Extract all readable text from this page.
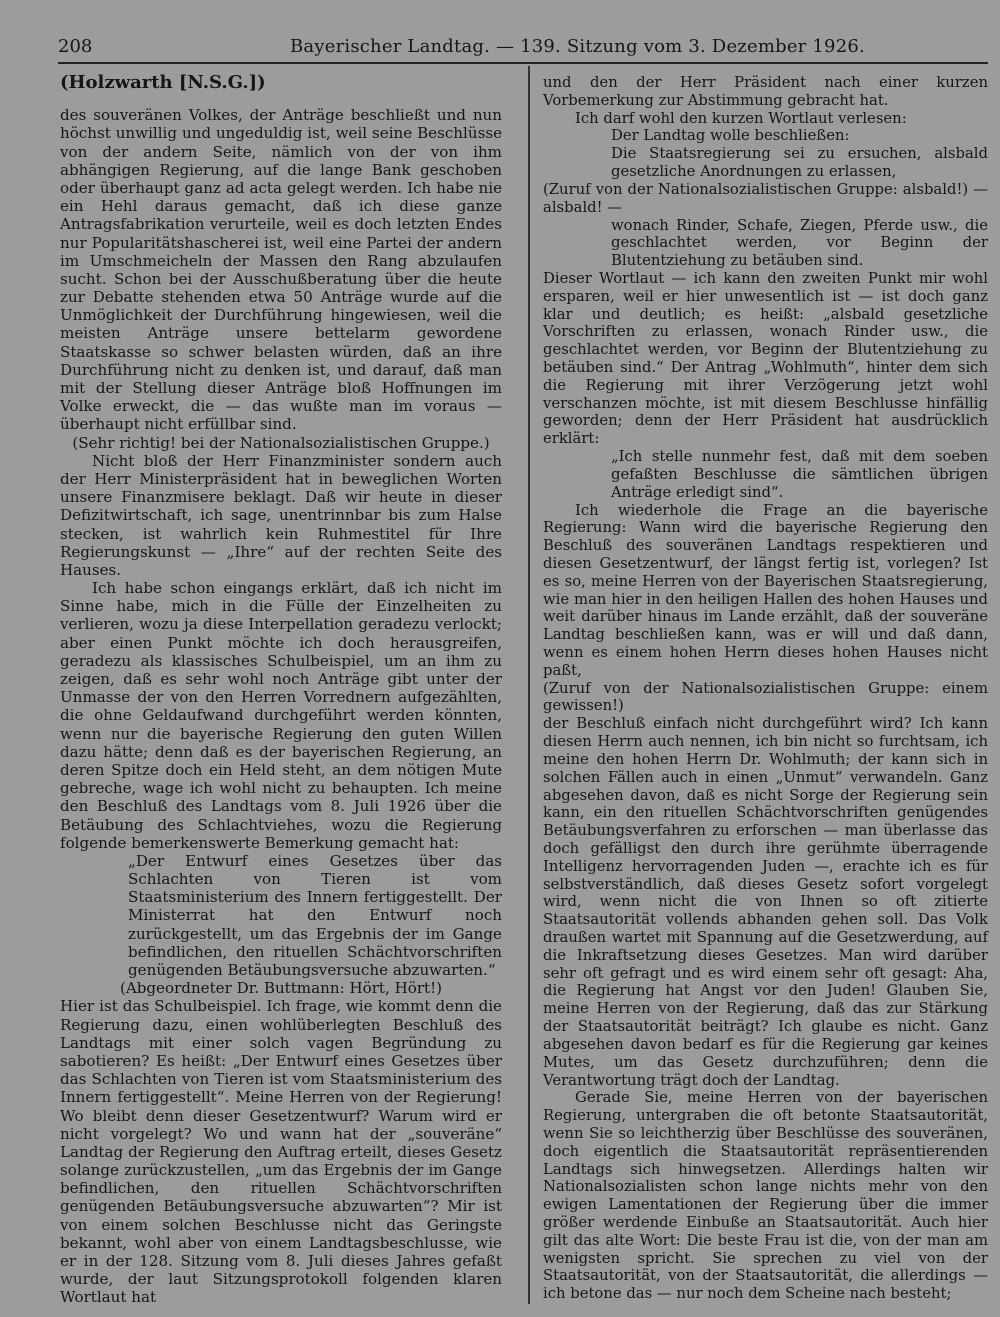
208	Bayerischer Landtag. — 139. Sitzung vom 3. Dezember 1926.

(Holzwarth [N.S.G.])

des souveränen Volkes, der Anträge beschließt und nun höchst unwillig und ungeduldig ist, weil seine Beschlüsse von der andern Seite, nämlich von der von ihm abhängigen Regierung, auf die lange Bank geschoben oder überhaupt ganz ad acta gelegt werden. Ich habe nie ein Hehl daraus gemacht, daß ich diese ganze Antragsfabrikation verurteile, weil es doch letzten Endes nur Popularitätshascherei ist, weil eine Partei der andern im Umschmeicheln der Massen den Rang abzulaufen sucht. Schon bei der Ausschußberatung über die heute zur Debatte stehenden etwa 50 Anträge wurde auf die Unmöglichkeit der Durchführung hingewiesen, weil die meisten Anträge unsere bettelarm gewordene Staatskasse so schwer belasten würden, daß an ihre Durchführung nicht zu denken ist, und darauf, daß man mit der Stellung dieser Anträge bloß Hoffnungen im Volke erweckt, die — das wußte man im voraus — überhaupt nicht erfüllbar sind.

(Sehr richtig! bei der Nationalsozialistischen Gruppe.)

Nicht bloß der Herr Finanzminister sondern auch der Herr Ministerpräsident hat in beweglichen Worten unsere Finanzmisere beklagt. Daß wir heute in dieser Defizitwirtschaft, ich sage, unentrinnbar bis zum Halse stecken, ist wahrlich kein Ruhmestitel für Ihre Regierungskunst — „Ihre“ auf der rechten Seite des Hauses.

Ich habe schon eingangs erklärt, daß ich nicht im Sinne habe, mich in die Fülle der Einzelheiten zu verlieren, wozu ja diese Interpellation geradezu verlockt; aber einen Punkt möchte ich doch herausgreifen, geradezu als klassisches Schulbeispiel, um an ihm zu zeigen, daß es sehr wohl noch Anträge gibt unter der Unmasse der von den Herren Vorrednern aufgezählten, die ohne Geldaufwand durchgeführt werden könnten, wenn nur die bayerische Regierung den guten Willen dazu hätte; denn daß es der bayerischen Regierung, an deren Spitze doch ein Held steht, an dem nötigen Mute gebreche, wage ich wohl nicht zu behaupten. Ich meine den Beschluß des Landtags vom 8. Juli 1926 über die Betäubung des Schlachtviehes, wozu die Regierung folgende bemerkenswerte Bemerkung gemacht hat:

„Der Entwurf eines Gesetzes über das Schlachten von Tieren ist vom Staatsministerium des Innern fertiggestellt. Der Ministerrat hat den Entwurf noch zurückgestellt, um das Ergebnis der im Gange befindlichen, den rituellen Schächtvorschriften genügenden Betäubungsversuche abzuwarten.“

(Abgeordneter Dr. Buttmann: Hört, Hört!)

Hier ist das Schulbeispiel. Ich frage, wie kommt denn die Regierung dazu, einen wohlüberlegten Beschluß des Landtags mit einer solch vagen Begründung zu sabotieren? Es heißt: „Der Entwurf eines Gesetzes über das Schlachten von Tieren ist vom Staatsministerium des Innern fertiggestellt“. Meine Herren von der Regierung! Wo bleibt denn dieser Gesetzentwurf? Warum wird er nicht vorgelegt? Wo und wann hat der „souveräne“ Landtag der Regierung den Auftrag erteilt, dieses Gesetz solange zurückzustellen, „um das Ergebnis der im Gange befindlichen, den rituellen Schächtvorschriften genügenden Betäubungsversuche abzuwarten“? Mir ist von einem solchen Beschlusse nicht das Geringste bekannt, wohl aber von einem Landtagsbeschlusse, wie er in der 128. Sitzung vom 8. Juli dieses Jahres gefaßt wurde, der laut Sitzungsprotokoll folgenden klaren Wortlaut hat

und den der Herr Präsident nach einer kurzen Vorbemerkung zur Abstimmung gebracht hat.

Ich darf wohl den kurzen Wortlaut verlesen:

Der Landtag wolle beschließen:

Die Staatsregierung sei zu ersuchen, alsbald gesetzliche Anordnungen zu erlassen,

(Zuruf von der Nationalsozialistischen Gruppe: alsbald!) — alsbald! —

wonach Rinder, Schafe, Ziegen, Pferde usw., die geschlachtet werden, vor Beginn der Blutentziehung zu betäuben sind.

Dieser Wortlaut — ich kann den zweiten Punkt mir wohl ersparen, weil er hier unwesentlich ist — ist doch ganz klar und deutlich; es heißt: „alsbald gesetzliche Vorschriften zu erlassen, wonach Rinder usw., die geschlachtet werden, vor Beginn der Blutentziehung zu betäuben sind.“ Der Antrag „Wohlmuth“, hinter dem sich die Regierung mit ihrer Verzögerung jetzt wohl verschanzen möchte, ist mit diesem Beschlusse hinfällig geworden; denn der Herr Präsident hat ausdrücklich erklärt:

„Ich stelle nunmehr fest, daß mit dem soeben gefaßten Beschlusse die sämtlichen übrigen Anträge erledigt sind“.

Ich wiederhole die Frage an die bayerische Regierung: Wann wird die bayerische Regierung den Beschluß des souveränen Landtags respektieren und diesen Gesetzentwurf, der längst fertig ist, vorlegen? Ist es so, meine Herren von der Bayerischen Staatsregierung, wie man hier in den heiligen Hallen des hohen Hauses und weit darüber hinaus im Lande erzählt, daß der souveräne Landtag beschließen kann, was er will und daß dann, wenn es einem hohen Herrn dieses hohen Hauses nicht paßt,

(Zuruf von der Nationalsozialistischen Gruppe: einem gewissen!)

der Beschluß einfach nicht durchgeführt wird? Ich kann diesen Herrn auch nennen, ich bin nicht so furchtsam, ich meine den hohen Herrn Dr. Wohlmuth; der kann sich in solchen Fällen auch in einen „Unmut“ verwandeln. Ganz abgesehen davon, daß es nicht Sorge der Regierung sein kann, ein den rituellen Schächtvorschriften genügendes Betäubungsverfahren zu erforschen — man überlasse das doch gefälligst den durch ihre gerühmte überragende Intelligenz hervorragenden Juden —, erachte ich es für selbstverständlich, daß dieses Gesetz sofort vorgelegt wird, wenn nicht die von Ihnen so oft zitierte Staatsautorität vollends abhanden gehen soll. Das Volk draußen wartet mit Spannung auf die Gesetzwerdung, auf die Inkraftsetzung dieses Gesetzes. Man wird darüber sehr oft gefragt und es wird einem sehr oft gesagt: Aha, die Regierung hat Angst vor den Juden! Glauben Sie, meine Herren von der Regierung, daß das zur Stärkung der Staatsautorität beiträgt? Ich glaube es nicht. Ganz abgesehen davon bedarf es für die Regierung gar keines Mutes, um das Gesetz durchzuführen; denn die Verantwortung trägt doch der Landtag.

Gerade Sie, meine Herren von der bayerischen Regierung, untergraben die oft betonte Staatsautorität, wenn Sie so leichtherzig über Beschlüsse des souveränen, doch eigentlich die Staatsautorität repräsentierenden Landtags sich hinwegsetzen. Allerdings halten wir Nationalsozialisten schon lange nichts mehr von den ewigen Lamentationen der Regierung über die immer größer werdende Einbuße an Staatsautorität. Auch hier gilt das alte Wort: Die beste Frau ist die, von der man am wenigsten spricht. Sie sprechen zu viel von der Staatsautorität, von der Staatsautorität, die allerdings — ich betone das — nur noch dem Scheine nach besteht;
